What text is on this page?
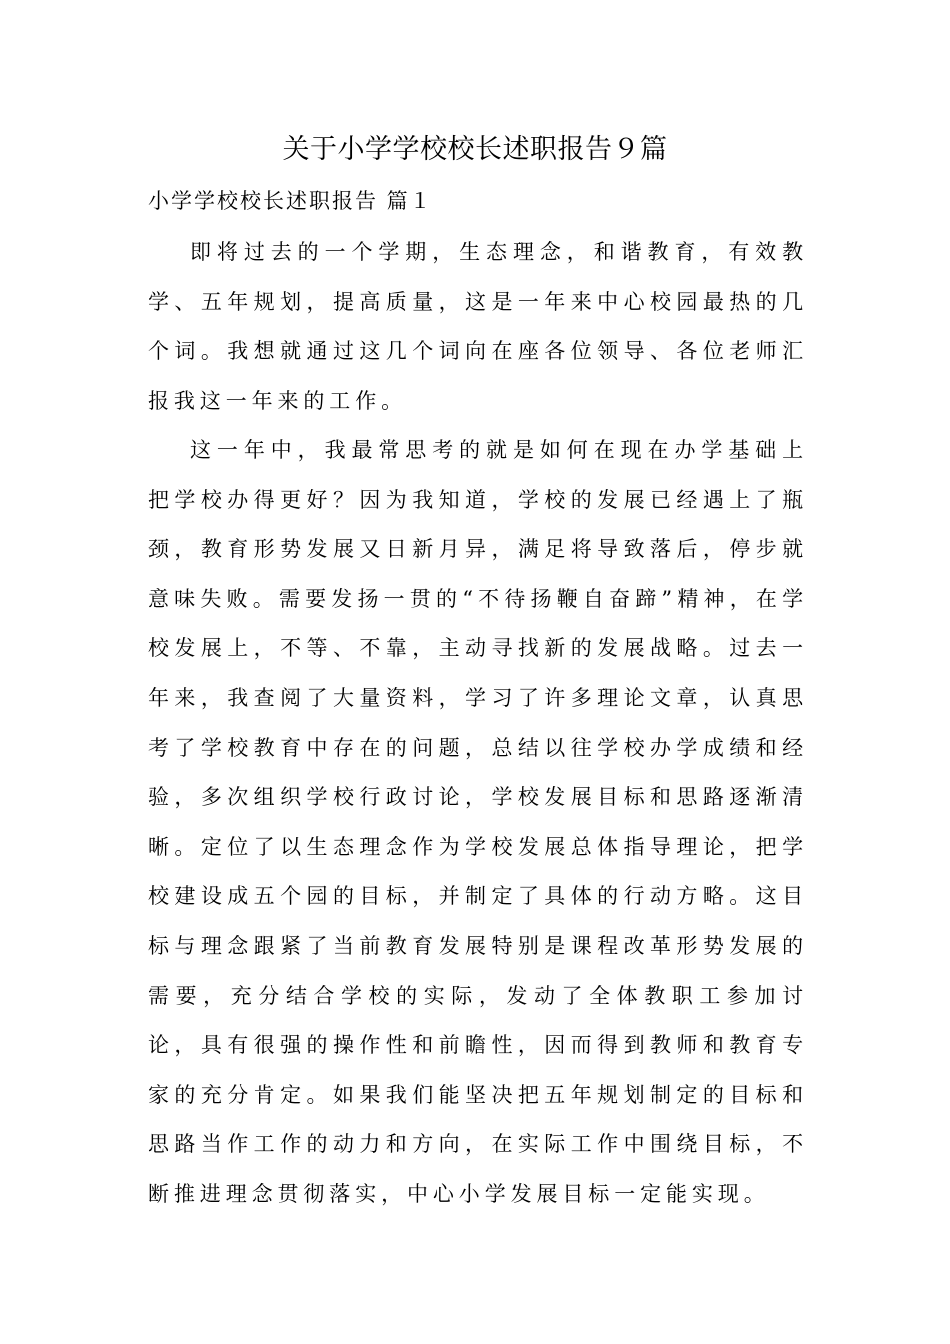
关于小学学校校长述职报告９篇
小学学校校长述职报告 篇１

即将过去的一个学期，生态理念，和谐教育，有效教学、五年规划，提高质量，这是一年来中心校园最热的几个词。我想就通过这几个词向在座各位领导、各位老师汇报我这一年来的工作。

这一年中，我最常思考的就是如何在现在办学基础上把学校办得更好？因为我知道，学校的发展已经遇上了瓶颈，教育形势发展又日新月异，满足将导致落后，停步就意味失败。需要发扬一贯的“不待扬鞭自奋蹄”精神，在学校发展上，不等、不靠，主动寻找新的发展战略。过去一年来，我查阅了大量资料，学习了许多理论文章，认真思考了学校教育中存在的问题，总结以往学校办学成绩和经验，多次组织学校行政讨论，学校发展目标和思路逐渐清晰。定位了以生态理念作为学校发展总体指导理论，把学校建设成五个园的目标，并制定了具体的行动方略。这目标与理念跟紧了当前教育发展特别是课程改革形势发展的需要，充分结合学校的实际，发动了全体教职工参加讨论，具有很强的操作性和前瞻性，因而得到教师和教育专家的充分肯定。如果我们能坚决把五年规划制定的目标和思路当作工作的动力和方向，在实际工作中围绕目标，不断推进理念贯彻落实，中心小学发展目标一定能实现。
